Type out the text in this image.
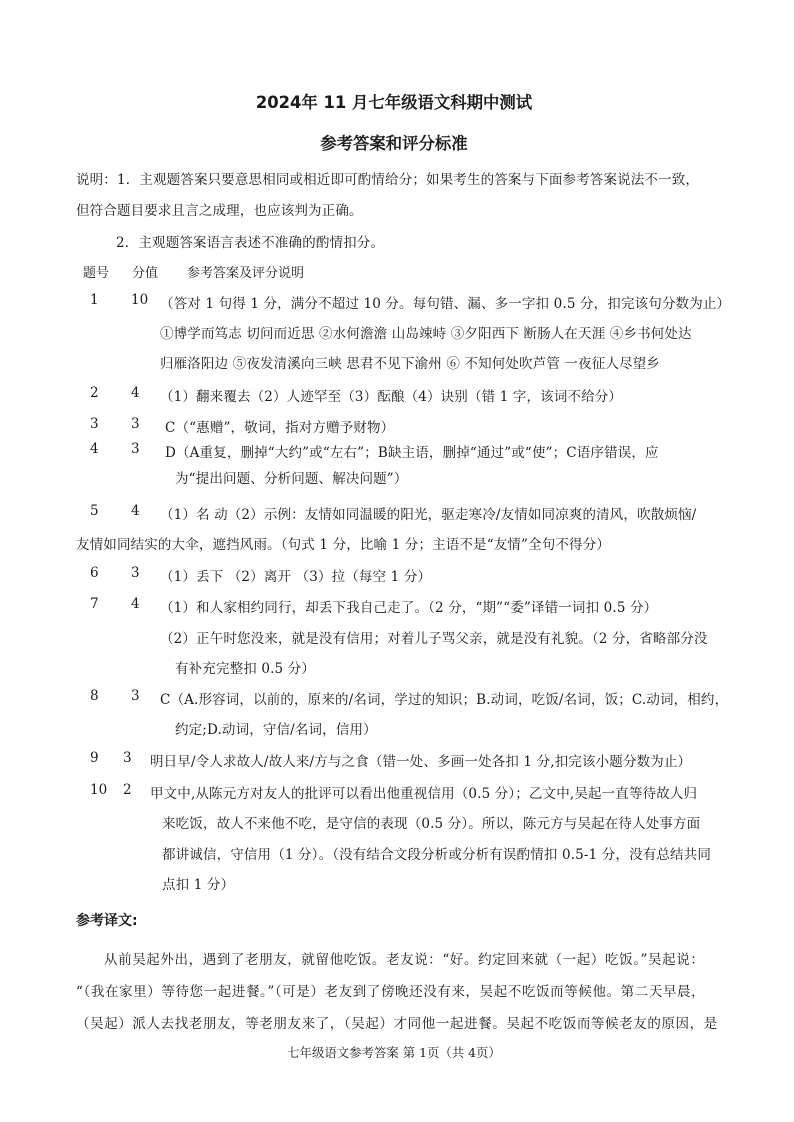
2024年 11 月七年级语文科期中测试
参考答案和评分标准
说明：1．主观题答案只要意思相同或相近即可酌情给分；如果考生的答案与下面参考答案说法不一致，
但符合题目要求且言之成理，也应该判为正确。
2．主观题答案语言表述不准确的酌情扣分。
题号 分值 参考答案及评分说明
1 10 （答对 1 句得 1 分，满分不超过 10 分。每句错、漏、多一字扣 0.5 分，扣完该句分数为止）
①博学而笃志 切问而近思 ②水何澹澹 山岛竦峙 ③夕阳西下 断肠人在天涯 ④乡书何处达
归雁洛阳边 ⑤夜发清溪向三峡 思君不见下渝州 ⑥ 不知何处吹芦管 一夜征人尽望乡
2 4 （1）翻来覆去（2）人迹罕至（3）酝酿（4）诀别（错 1 字，该词不给分）
3 3 C（“惠赠”，敬词，指对方赠予财物）
4 3 D（A重复，删掉“大约”或“左右”；B缺主语，删掉“通过”或“使”；C语序错误，应
为“提出问题、分析问题、解决问题”）
5 4 （1）名 动（2）示例：友情如同温暖的阳光，驱走寒冷/友情如同凉爽的清风，吹散烦恼/
友情如同结实的大伞，遮挡风雨。（句式 1 分，比喻 1 分；主语不是“友情”全句不得分）
6 3 （1）丢下 （2）离开 （3）拉（每空 1 分）
7 4 （1）和人家相约同行，却丢下我自己走了。（2 分，“期”“委”译错一词扣 0.5 分）
（2）正午时您没来，就是没有信用；对着儿子骂父亲，就是没有礼貌。（2 分，省略部分没
有补充完整扣 0.5 分）
8 3 C（A.形容词，以前的，原来的/名词，学过的知识；B.动词，吃饭/名词，饭；C.动词，相约，
约定;D.动词，守信/名词，信用）
9 3 明日早/令人求故人/故人来/方与之食（错一处、多画一处各扣 1 分,扣完该小题分数为止）
10 2 甲文中,从陈元方对友人的批评可以看出他重视信用（0.5 分）；乙文中,吴起一直等待故人归
来吃饭，故人不来他不吃，是守信的表现（0.5 分）。所以，陈元方与吴起在待人处事方面
都讲诚信，守信用（1 分）。（没有结合文段分析或分析有误酌情扣 0.5-1 分，没有总结共同
点扣 1 分）
参考译文:
从前吴起外出，遇到了老朋友，就留他吃饭。老友说：“好。约定回来就（一起）吃饭。”吴起说：
“（我在家里）等待您一起进餐。”（可是）老友到了傍晚还没有来，吴起不吃饭而等候他。第二天早晨，
（吴起）派人去找老朋友，等老朋友来了，（吴起）才同他一起进餐。吴起不吃饭而等候老友的原因，是
七年级语文参考答案 第 1页（共 4页）
